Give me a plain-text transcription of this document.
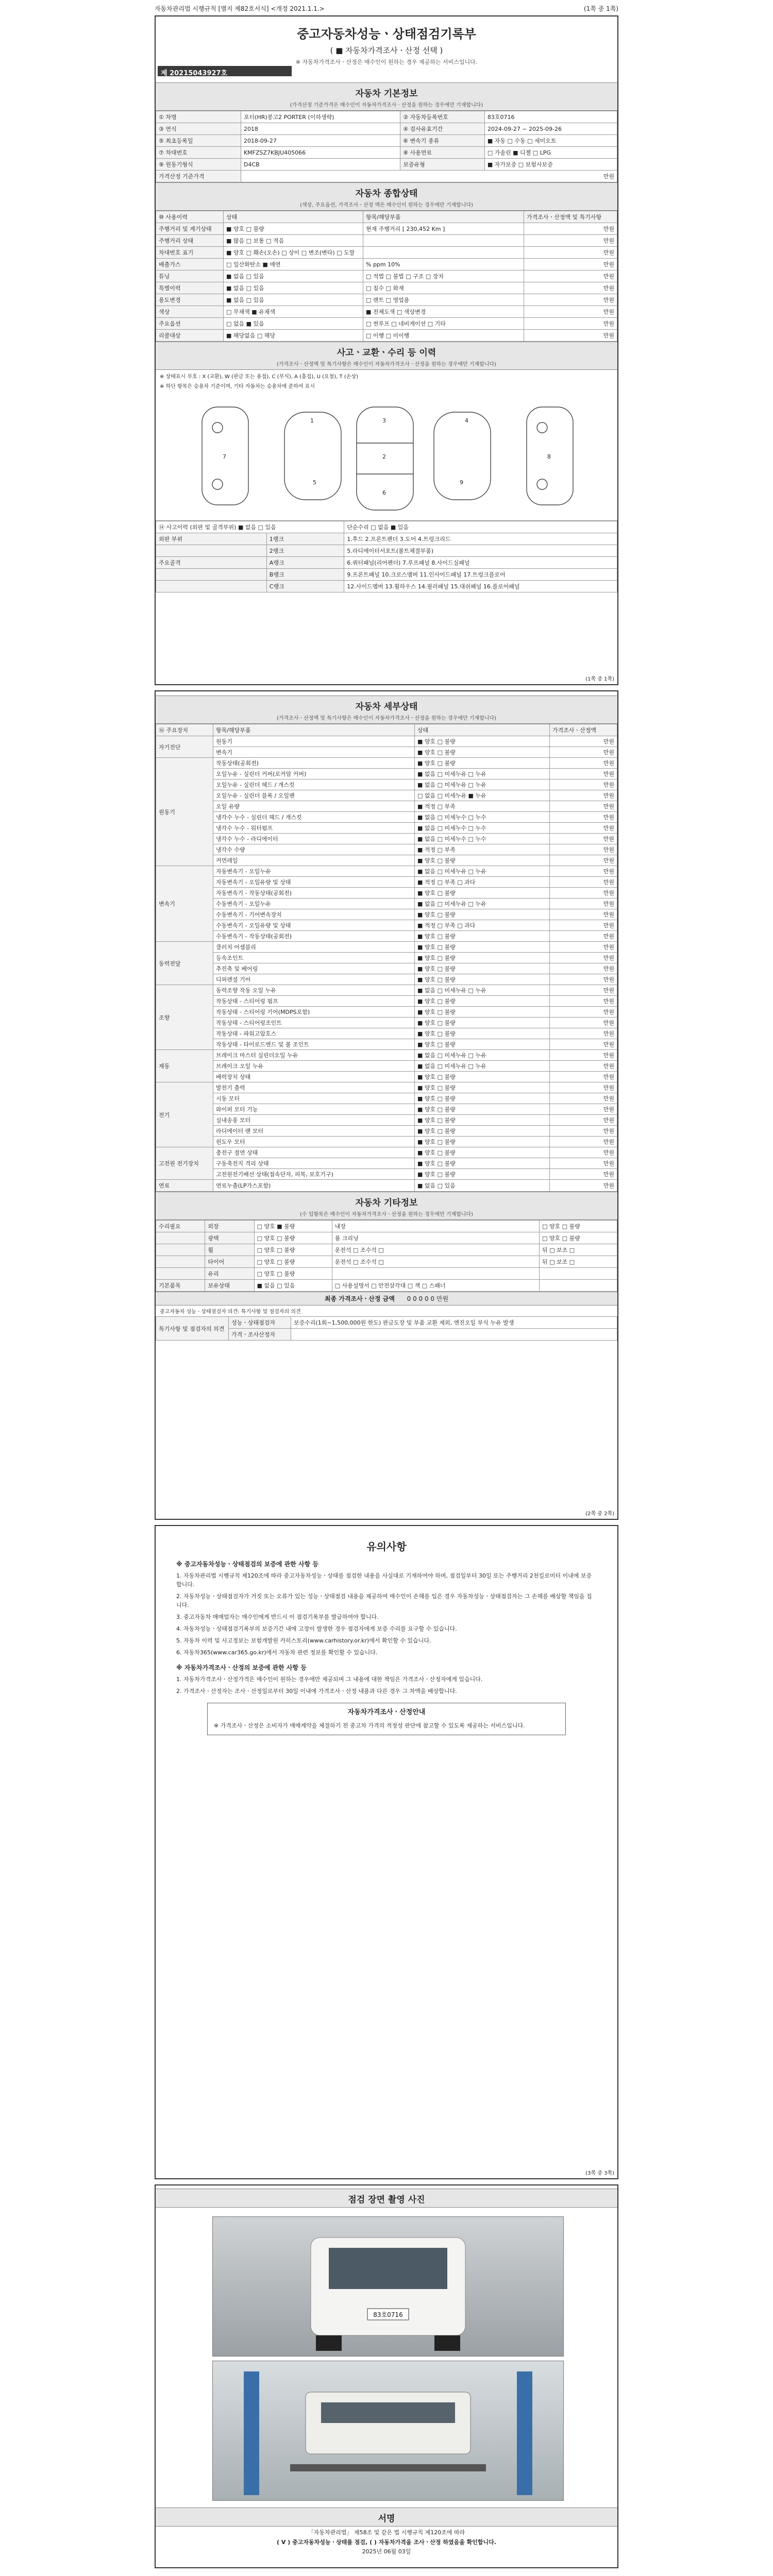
자동차관리법 시행규칙 [별지 제82호서식] <개정 2021.1.1.>	(1쪽 중 1쪽)
중고자동차성능ㆍ상태점검기록부
( ■ 자동차가격조사ㆍ산정 선택 )
※ 자동차가격조사ㆍ산정은 매수인이 원하는 경우 제공하는 서비스입니다.
제 20215043927호
자동차 기본정보
(가격산정 기준가격은 매수인이 자동차가격조사 · 산정을 원하는 경우에만 기재합니다)
① 차명	포터(HR)봉고2 PORTER (이하생략)	② 자동차등록번호	83호0716
③ 연식	2018	④ 검사유효기간	2024-09-27 ~ 2025-09-26
⑤ 최초등록일	2018-09-27	⑥ 변속기 종류	■ 자동 □ 수동 □ 세미오토
⑦ 차대번호	KMFZSZ7KBJU405066	⑧ 사용연료	□ 가솔린 ■ 디젤 □ LPG
⑨ 원동기형식	D4CB	보증유형	■ 자가보증 □ 보험사보증
가격산정 기준가격	만원		
자동차 종합상태
(색상, 주요옵션, 가격조사ㆍ산정 액은 매수인이 원하는 경우에만 기재합니다)
⑩ 사용이력	상태	항목/해당부품	가격조사ㆍ산정액 및 특기사항
주행거리 및 계기상태	■ 양호 □ 불량	현재 주행거리 [ 230,452 Km ]	만원
주행거리 상태	■ 많음 □ 보통 □ 적음		만원
차대번호 표기	■ 양호 □ 훼손(오손) □ 상이 □ 변조(변타) □ 도말		만원
배출가스	□ 일산화탄소 ■ 매연	% ppm 10%	만원
튜닝	■ 없음 □ 있음	□ 적법 □ 불법 □ 구조 □ 장치	만원
특별이력	■ 없음 □ 있음	□ 침수 □ 화재	만원
용도변경	■ 없음 □ 있음	□ 렌트 □ 영업용	만원
색상	□ 무채색 ■ 유채색	■ 전체도색 □ 색상변경	만원
주요옵션	□ 없음 ■ 있음	□ 썬루프 □ 네비게이션 □ 기타	만원
리콜대상	■ 해당없음 □ 해당	□ 이행 □ 미이행	만원
사고ㆍ교환ㆍ수리 등 이력
(가격조사ㆍ산정액 및 특기사항은 매수인이 자동차가격조사ㆍ산정을 원하는 경우에만 기재합니다)
※ 상태표시 부호 : X (교환), W (판금 또는 용접), C (부식), A (흠집), U (요철), T (손상)
※ 하단 항목은 승용차 기준이며, 기타 자동차는 승용차에 준하여 표시
1	3
2
4
5
6
7	8
9
⑭ 사고이력 (외판 및 골격부위) ■ 없음 □ 있음		단순수리 □ 없음 ■ 있음
외판 부위	1랭크	1.후드 2.프론트펜더 3.도어 4.트렁크리드
	2랭크	5.라디에이터서포트(볼트체결부품)
주요골격	A랭크	6.쿼터패널(리어펜더) 7.루프패널 8.사이드실패널
	B랭크	9.프론트패널 10.크로스멤버 11.인사이드패널 17.트렁크플로어
	C랭크	12.사이드멤버 13.휠하우스 14.필러패널 15.대쉬패널 16.플로어패널
(1쪽 중 1쪽)
자동차 세부상태
(가격조사ㆍ산정액 및 특기사항은 매수인이 자동차가격조사ㆍ산정을 원하는 경우에만 기재합니다)
⑯ 주요장치	항목/해당부품	상태	가격조사ㆍ산정액
자기진단	원동기	■ 양호 □ 불량	만원
	변속기	■ 양호 □ 불량	만원
원동기	작동상태(공회전)	■ 양호 □ 불량	만원
	오일누유 - 실린더 커버(로커암 커버)	■ 없음 □ 미세누유 □ 누유	만원
	오일누유 - 실린더 헤드 / 개스킷	■ 없음 □ 미세누유 □ 누유	만원
	오일누유 - 실린더 블록 / 오일팬	□ 없음 □ 미세누유 ■ 누유	만원
	오일 유량	■ 적정 □ 부족	만원
	냉각수 누수 - 실린더 헤드 / 개스킷	■ 없음 □ 미세누수 □ 누수	만원
	냉각수 누수 - 워터펌프	■ 없음 □ 미세누수 □ 누수	만원
	냉각수 누수 - 라디에이터	■ 없음 □ 미세누수 □ 누수	만원
	냉각수 수량	■ 적정 □ 부족	만원
	커먼레일	■ 양호 □ 불량	만원
변속기	자동변속기 - 오일누유	■ 없음 □ 미세누유 □ 누유	만원
	자동변속기 - 오일유량 및 상태	■ 적정 □ 부족 □ 과다	만원
	자동변속기 - 작동상태(공회전)	■ 양호 □ 불량	만원
	수동변속기 - 오일누유	■ 없음 □ 미세누유 □ 누유	만원
	수동변속기 - 기어변속장치	■ 양호 □ 불량	만원
	수동변속기 - 오일유량 및 상태	■ 적정 □ 부족 □ 과다	만원
	수동변속기 - 작동상태(공회전)	■ 양호 □ 불량	만원
동력전달	클러치 어셈블리	■ 양호 □ 불량	만원
	등속조인트	■ 양호 □ 불량	만원
	추진축 및 베어링	■ 양호 □ 불량	만원
	디퍼렌셜 기어	■ 양호 □ 불량	만원
조향	동력조향 작동 오일 누유	■ 없음 □ 미세누유 □ 누유	만원
	작동상태 - 스티어링 펌프	■ 양호 □ 불량	만원
	작동상태 - 스티어링 기어(MDPS포함)	■ 양호 □ 불량	만원
	작동상태 - 스티어링조인트	■ 양호 □ 불량	만원
	작동상태 - 파워고압호스	■ 양호 □ 불량	만원
	작동상태 - 타이로드엔드 및 볼 조인트	■ 양호 □ 불량	만원
제동	브레이크 마스터 실린더오일 누유	■ 없음 □ 미세누유 □ 누유	만원
	브레이크 오일 누유	■ 없음 □ 미세누유 □ 누유	만원
	배력장치 상태	■ 양호 □ 불량	만원
전기	발전기 출력	■ 양호 □ 불량	만원
	시동 모터	■ 양호 □ 불량	만원
	와이퍼 모터 기능	■ 양호 □ 불량	만원
	실내송풍 모터	■ 양호 □ 불량	만원
	라디에이터 팬 모터	■ 양호 □ 불량	만원
	윈도우 모터	■ 양호 □ 불량	만원
고전원 전기장치	충전구 절연 상태	■ 양호 □ 불량	만원
	구동축전지 격리 상태	■ 양호 □ 불량	만원
	고전원전기배선 상태(접속단자, 피복, 보호기구)	■ 양호 □ 불량	만원
연료	연료누출(LP가스포함)	■ 없음 □ 있음	만원
자동차 기타정보
(수 입항목은 매수인이 자동차가격조사ㆍ산정을 원하는 경우에만 기재합니다)
수리필요	외장	□ 양호 ■ 불량	내장	□ 양호 □ 불량
	광택	□ 양호 □ 불량	룸 크리닝	□ 양호 □ 불량
	휠	□ 양호 □ 불량	운전석 □ 조수석 □	뒤 □ 보조 □
	타이어	□ 양호 □ 불량	운전석 □ 조수석 □	뒤 □ 보조 □
	유리	□ 양호 □ 불량		
기본품목	보유상태	■ 없음 □ 있음	□ 사용설명서 □ 안전삼각대 □ 잭 □ 스패너	
최종 가격조사ㆍ산정 금액 0 0 0 0 0 만원
중고자동차 성능ㆍ상태점검자 의견: 특기사항 및 점검자의 의견
특기사항 및 점검자의 의견	성능ㆍ상태점검자	보증수리(1회~1,500,000원 한도) 판금도장 및 부품 교환 제외, 엔진오일 부식 누유 발생
	가격ㆍ조사산정자	
(2쪽 중 2쪽)
유의사항
※ 중고자동차성능ㆍ상태점검의 보증에 관한 사항 등

1. 자동차관리법 시행규칙 제120조에 따라 중고자동차성능ㆍ상태를 점검한 내용을 사실대로 기재하여야 하며, 점검일부터 30일 또는 주행거리 2천킬로미터 이내에 보증합니다.

2. 자동차성능ㆍ상태점검자가 거짓 또는 오류가 있는 성능ㆍ상태점검 내용을 제공하여 매수인이 손해를 입은 경우 자동차성능ㆍ상태점검자는 그 손해를 배상할 책임을 집니다.

3. 중고자동차 매매업자는 매수인에게 반드시 이 점검기록부를 발급하여야 합니다.

4. 자동차성능ㆍ상태점검기록부의 보증기간 내에 고장이 발생한 경우 점검자에게 보증 수리를 요구할 수 있습니다.

5. 자동차 이력 및 사고정보는 보험개발원 카히스토리(www.carhistory.or.kr)에서 확인할 수 있습니다.

6. 자동차365(www.car365.go.kr)에서 자동차 관련 정보를 확인할 수 있습니다.

※ 자동차가격조사ㆍ산정의 보증에 관한 사항 등

1. 자동차가격조사ㆍ산정가격은 매수인이 원하는 경우에만 제공되며 그 내용에 대한 책임은 가격조사ㆍ산정자에게 있습니다.

2. 가격조사ㆍ산정자는 조사ㆍ산정일로부터 30일 이내에 가격조사ㆍ산정 내용과 다른 경우 그 차액을 배상합니다.

자동차가격조사ㆍ산정안내
※ 가격조사ㆍ산정은 소비자가 매매계약을 체결하기 전 중고차 가격의 적정성 판단에 참고할 수 있도록 제공하는 서비스입니다.
(3쪽 중 3쪽)
점검 장면 촬영 사진
83호0716
서명
「자동차관리법」 제58조 및 같은 법 시행규칙 제120조에 따라
( V ) 중고자동차성능ㆍ상태를 점검, ( ) 자동차가격을 조사ㆍ산정 하였음을 확인합니다.
2025년 06월 03일
